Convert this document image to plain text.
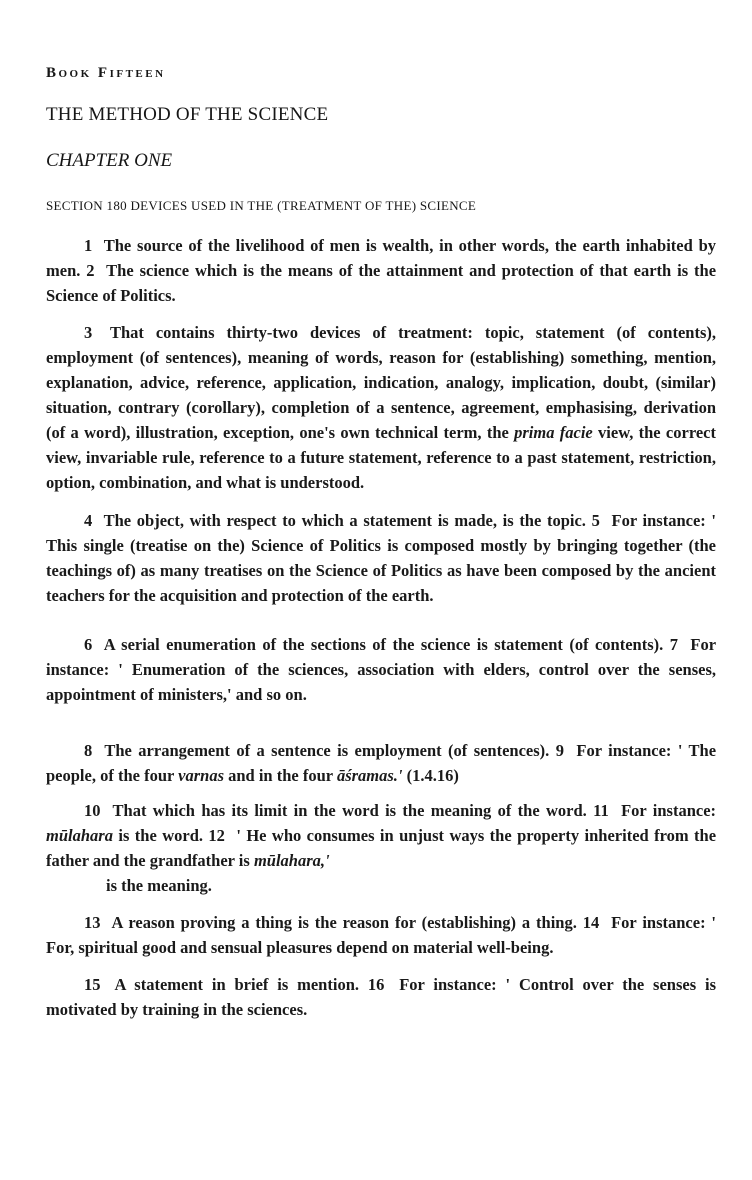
Book Fifteen
THE METHOD OF THE SCIENCE
CHAPTER ONE
SECTION 180 DEVICES USED IN THE (TREATMENT OF THE) SCIENCE

1 The source of the livelihood of men is wealth, in other words, the earth inhabited by men. 2 The science which is the means of the attainment and protection of that earth is the Science of Politics.

3 That contains thirty-two devices of treatment: topic, statement (of contents), employment (of sentences), meaning of words, reason for (establishing) something, mention, explanation, advice, reference, application, indication, analogy, implication, doubt, (similar) situation, contrary (corollary), completion of a sentence, agreement, emphasising, derivation (of a word), illustration, exception, one's own technical term, the prima facie view, the correct view, invariable rule, reference to a future statement, reference to a past statement, restriction, option, combination, and what is understood.

4 The object, with respect to which a statement is made, is the topic. 5 For instance: ' This single (treatise on the) Science of Politics is composed mostly by bringing together (the teachings of) as many treatises on the Science of Politics as have been composed by the ancient teachers for the acquisition and protection of the earth.

6 A serial enumeration of the sections of the science is statement (of contents). 7 For instance: ' Enumeration of the sciences, association with elders, control over the senses, appointment of ministers,' and so on.

8 The arrangement of a sentence is employment (of sentences). 9 For instance: ' The people, of the four varnas and in the four āśramas.' (1.4.16)

10 That which has its limit in the word is the meaning of the word. 11 For instance: mūlahara is the word. 12 ' He who consumes in unjust ways the property inherited from the father and the grandfather is mūlahara,'
is the meaning.

13 A reason proving a thing is the reason for (establishing) a thing. 14 For instance: ' For, spiritual good and sensual pleasures depend on material well-being.

15 A statement in brief is mention. 16 For instance: ' Control over the senses is motivated by training in the sciences.
